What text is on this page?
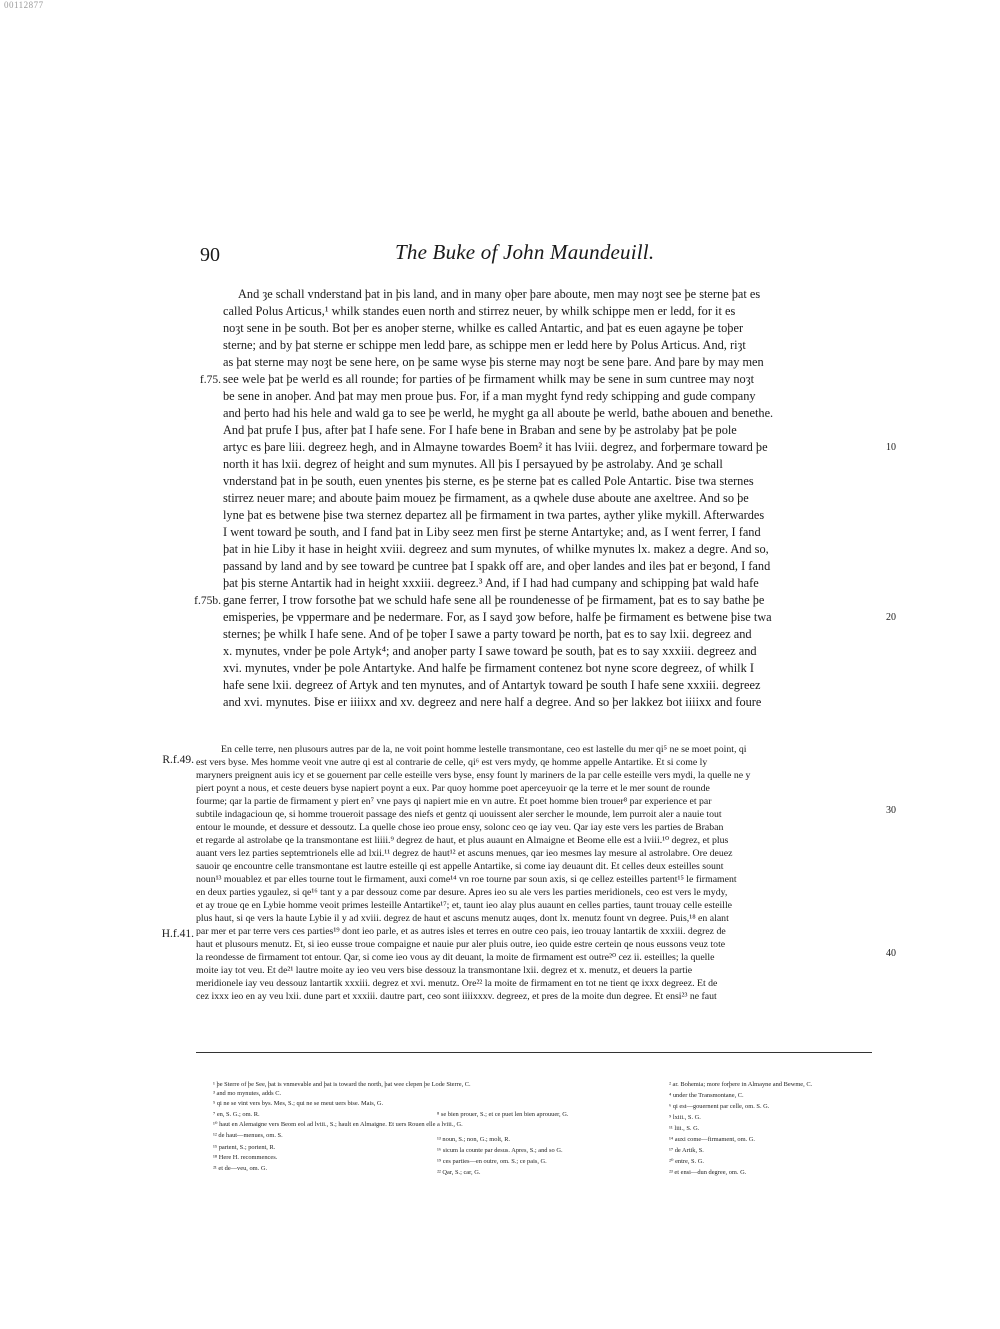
00112877
90	The Buke of John Maundeuill.
And ȝe schall vnderstand þat in þis land, and in many oþer þare aboute, men may noȝt see þe sterne þat es
called Polus Articus,¹ whilk standes euen north and stirrez neuer, by whilk schippe men er ledd, for it es
noȝt sene in þe south. Bot þer es anoþer sterne, whilke es called Antartic, and þat es euen agayne þe toþer
sterne; and by þat sterne er schippe men ledd þare, as schippe men er ledd here by Polus Articus. And, riȝt
as þat sterne may noȝt be sene here, on þe same wyse þis sterne may noȝt be sene þare. And þare by may men
see wele þat þe werld es all rounde; for parties of þe firmament whilk may be sene in sum cuntree may noȝt
be sene in anoþer. And þat may men proue þus. For, if a man myght fynd redy schipping and gude company
and þerto had his hele and wald ga to see þe werld, he myght ga all aboute þe werld, bathe abouen and benethe.
And þat prufe I þus, after þat I hafe sene. For I hafe bene in Braban and sene by þe astrolaby þat þe pole
artyc es þare liii. degreez hegh, and in Almayne towardes Boem² it has lviii. degrez, and forþermare toward þe
north it has lxii. degrez of height and sum mynutes. All þis I persayued by þe astrolaby. And ȝe schall
vnderstand þat in þe south, euen ynentes þis sterne, es þe sterne þat es called Pole Antartic. Þise twa sternes
stirrez neuer mare; and aboute þaim mouez þe firmament, as a qwhele duse aboute ane axeltree. And so þe
lyne þat es betwene þise twa sternez departez all þe firmament in twa partes, ayther ylike mykill. Afterwardes
I went toward þe south, and I fand þat in Liby seez men first þe sterne Antartyke; and, as I went ferrer, I fand
þat in hie Liby it hase in height xviii. degreez and sum mynutes, of whilke mynutes lx. makez a degre. And so,
passand by land and by see toward þe cuntree þat I spakk off are, and oþer landes and iles þat er beȝond, I fand
þat þis sterne Antartik had in height xxxiii. degreez.³ And, if I had had cumpany and schipping þat wald hafe
gane ferrer, I trow forsothe þat we schuld hafe sene all þe roundenesse of þe firmament, þat es to say bathe þe
emisperies, þe vppermare and þe nedermare. For, as I sayd ȝow before, halfe þe firmament es betwene þise twa
sternes; þe whilk I hafe sene. And of þe toþer I sawe a party toward þe north, þat es to say lxii. degreez and
x. mynutes, vnder þe pole Artyk⁴; and anoþer party I sawe toward þe south, þat es to say xxxiii. degreez and
xvi. mynutes, vnder þe pole Antartyke. And halfe þe firmament contenez bot nyne score degreez, of whilk I
hafe sene lxii. degreez of Artyk and ten mynutes, and of Antartyk toward þe south I hafe sene xxxiii. degreez
and xvi. mynutes. Þise er iiiixx and xv. degreez and nere half a degree. And so þer lakkez bot iiiixx and foure
f.75.
f.75b.
10
20
En celle terre, nen plusours autres par de la, ne voit point homme lestelle transmontane, ceo est lastelle du mer qi⁵ ne se moet point, qi
est vers byse. Mes homme veoit vne autre qi est al contrarie de celle, qi⁶ est vers mydy, qe homme appelle Antartike. Et si come ly
maryners preignent auis icy et se gouernent par celle esteille vers byse, ensy fount ly mariners de la par celle esteille vers mydi, la quelle ne y
piert poynt a nous, et ceste deuers byse napiert poynt a eux. Par quoy homme poet aperceyuoir qe la terre et le mer sount de rounde
fourme; qar la partie de firmament y piert en⁷ vne pays qi napiert mie en vn autre. Et poet homme bien trouer⁸ par experience et par
subtile indagacioun qe, si homme troueroit passage des niefs et gentz qi uouissent aler sercher le mounde, lem purroit aler a nauie tout
entour le mounde, et dessure et dessoutz. La quelle chose ieo proue ensy, solonc ceo qe iay veu. Qar iay este vers les parties de Braban
et regarde al astrolabe qe la transmontane est liiii.⁹ degrez de haut, et plus auaunt en Almaigne et Beome elle est a lviii.¹⁰ degrez, et plus
auant vers lez parties septemtrionels elle ad lxii.¹¹ degrez de haut¹² et ascuns menues, qar ieo mesmes lay mesure al astrolabre. Ore deuez
sauoir qe encountre celle transmontane est lautre esteille qi est appelle Antartike, si come iay deuaunt dit. Et celles deux esteilles sount
noun¹³ mouablez et par elles tourne tout le firmament, auxi come¹⁴ vn roe tourne par soun axis, si qe cellez esteilles partent¹⁵ le firmament
en deux parties ygaulez, si qe¹⁶ tant y a par dessouz come par desure. Apres ieo su ale vers les parties meridionels, ceo est vers le mydy,
et ay troue qe en Lybie homme veoit primes lesteille Antartike¹⁷; et, taunt ieo alay plus auaunt en celles parties, taunt trouay celle esteille
plus haut, si qe vers la haute Lybie il y ad xviii. degrez de haut et ascuns menutz auqes, dont lx. menutz fount vn degree. Puis,¹⁸ en alant
par mer et par terre vers ces parties¹⁹ dont ieo parle, et as autres isles et terres en outre ceo pais, ieo trouay lantartik de xxxiii. degrez de
haut et plusours menutz. Et, si ieo eusse troue compaigne et nauie pur aler pluis outre, ieo quide estre certein qe nous eussons veuz tote
la reondesse de firmament tot entour. Qar, si come ieo vous ay dit deuant, la moite de firmament est outre²⁰ cez ii. esteilles; la quelle
moite iay tot veu. Et de²¹ lautre moite ay ieo veu vers bise dessouz la transmontane lxii. degrez et x. menutz, et deuers la partie
meridionele iay veu dessouz lantartik xxxiii. degrez et xvi. menutz. Ore²² la moite de firmament en tot ne tient qe ixxx degreez. Et de
cez ixxx ieo en ay veu lxii. dune part et xxxiii. dautre part, ceo sont iiiixxxv. degreez, et pres de la moite dun degree. Et ensi²³ ne faut
R.f.49.
H.f.41.
30
40
¹ þe Sterre of þe See, þat is vnmevable and þat is toward the north, þat wee clepen þe Lode Sterre, C.
³ and mo mynutes, adds C.
⁵ qi ne se vint vers bys. Mes, S.; qui ne se meut uers bise. Mais, G.
⁷ en, S. G.; om. R.
¹⁰ haut en Alemaigne vers Beom eol ad lviii., S.; hault en Almaigne. Et uers Rouen elle a lviii., G.
¹² de haut—menues, om. S.
¹⁵ partent, S.; portent, R.
¹⁸ Here H. recommences.
²¹ et de—veu, om. G.
⁸ se bien prouer, S.; et ce puet len bien aprouuer, G.
¹³ noun, S.; non, G.; molt, R.
¹⁶ sicum la counte par desus. Apres, S.; and so G.
¹⁹ ces parties—en outre, om. S.; ce pais, G.
²² Qar, S.; car, G.
² ar. Bohemia; more forþere in Almayne and Bewme, C.
⁴ under the Transmontane, C.
⁶ qi est—gouernent par celle, om. S. G.
⁹ lxiii., S. G.
¹¹ liii., S. G.
¹⁴ auxi come—firmament, om. G.
¹⁷ de Artik, S.
²⁰ entre, S. G.
²³ et ensi—dun degree, om. G.
